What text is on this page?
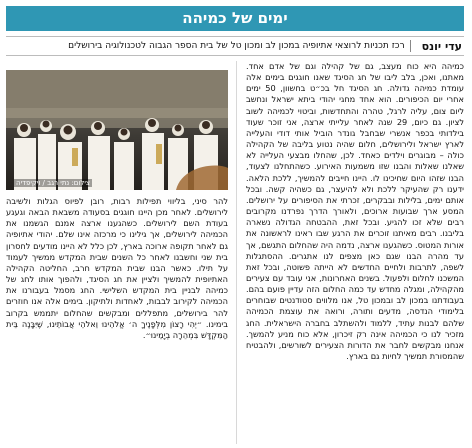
ימים של כמיהה
עדי יונס
רכז תכניות לרוצאי אתיופיה במכון לב ומכון טל של בית הספר הגבוה לטכנולוגיה בירושלים

כמיהה היא כוח מעצב, גם של קהילה וגם של אדם אחד. מאתנו, ואכן, בלב ליבו של חג הסיגד שאנו חוגגים בימים אלה עומדת כמיהה גדולה. חג הסיגד חל בכ״ט בחשוון, 50 ימים אחרי יום הכיפורים. הוא אחד מחגי יהודי ביתא ישראל ונחשב ליום צום, עליה לרגל, טהרה והתחדשות, וביטוי לכמיהה לשוב לציון. גם כיום, 29 שנה לאחר עלייתי ארצה, אני זוכר שעוד בילדותי בכפר אנשרי שבחבל גונדר הוביל אותי דודי והעלייה לארץ ישראל ולירושלים, חלום שהיה נטוע בליבה של הקהילה כולה – מבוגרים וילדים כאחד. לכן, שהחלו מבצעי העלייה לא שאלנו שאלות והבנו שזו משמעות האירוע. כשהתחלנו לצעוד, הבנו שזהו היום שחיכינו לו. היינו חייבים להמשיך, ללכת הלאה. ידענו רק שהעיקר ללכת ולא להיעצר, גם כשהיה קשה. ובכל אותם ימים, בלילות ובבקרים, זכרתי את הסיפורים על ירושלים. המסע ארך שבועות ארוכים, ולאורך הדרך נפרדנו מקרובים רבים שלא זכו להגיע. ובכל זאת, ההבטחה הגדולה נשארה בליבנו. רבים מאיתנו זוכרים את הרגע שבו ראינו לראשונה את אורות המטוס. כשהגענו ארצה, נדמה היה שהחלום התגשם, אך עד מהרה הבנו שגם כאן מצפים לנו אתגרים. ההסתגלות לשפה, לתרבות ולחיים החדשים לא הייתה פשוטה, ובכל זאת המשכנו לחלום ולפעול. בשנים האחרונות, אני עובד עם צעירים מהקהילה, ומגלה מחדש עד כמה החלום הזה עדיין פועם בהם. בעבודתנו במכון לב ובמכון טל, אנו מלווים סטודנטים שבוחרים בלימודי הנדסה, מדעים ותורה, ורואה את עוצמת הכמיהה שלהם לבנות עתיד, ללמוד ולהשתלב בחברה הישראלית. החג מזכיר לנו כי הכמיהה אינה רק זיכרון, אלא כוח מניע להמשך. אנחנו מבקשים לחבר את הדורות הצעירים לשורשים, ולהבטיח שהמסורת תמשיך לחיות גם בארץ.

צילום: נתי רגב / ויקיפדיה

להר סיני, בליווי תפילות רבות, רובן לפיוס הגלות ולשיבה לירושלים. לאחר מכן היינו חוגגים בסעודה משבאת הבאה וגעגע בעודת השם לירושלים. כשהגענו ארצה אמנם הגשמנו את הכמיהה לירושלים, אך גילינו כי מרכזה אינו שלם. יהודי אתיופיה גם לאחר תקופה ארוכה בארץ, לכן כלל לא היינו מודעים לחסרון בית שני וחשבנו לאחר כל השנים שבית המקדש ממשיך לעמוד על תילו. כאשר הבנו שבית המקדש חרב, החליטה הקהילה האתיופית להמשיך ולציין את חג הסיגד, ולהפוך אותו לחג של כמיהה לבניין בית המקדש השלישי. החג מסמל בעבורנו את הכמיהה לקירוב לבבות, לאחדות ולתיקון. בימים אלה אנו חוזרים להר בירושלים, מתפללים ומבקשים שהחלום יתממש בקרוב בימינו. ״יְהִי רָצוֹן מִלְּפָנֶיךָ ה׳ אֱלֹהֵינוּ וֵאלֹהֵי אֲבוֹתֵינוּ, שֶׁיִּבָּנֶה בֵּית הַמִּקְדָּשׁ בִּמְהֵרָה בְיָמֵינוּ״.
